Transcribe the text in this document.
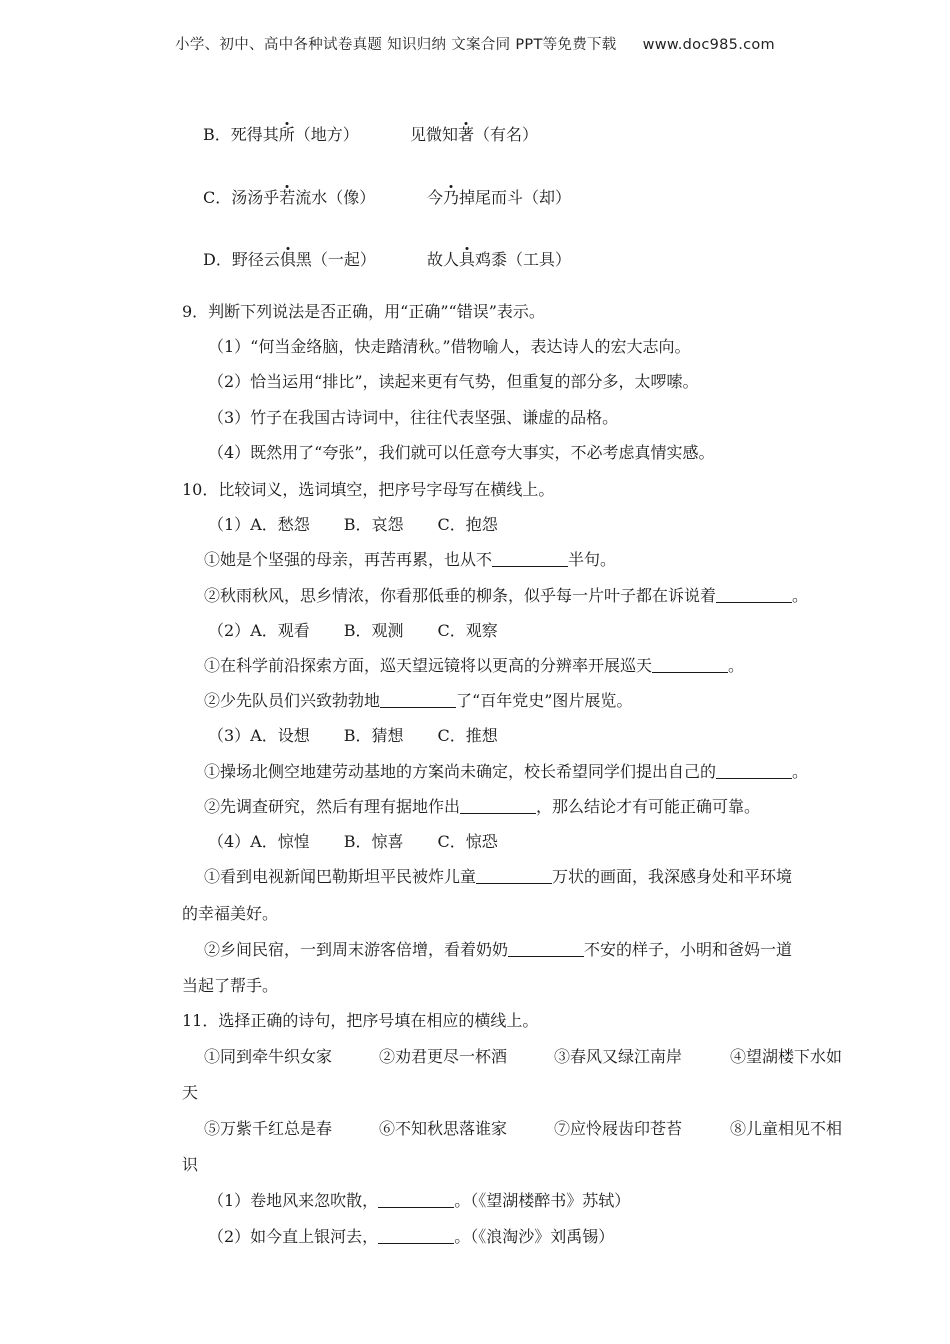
小学、初中、高中各种试卷真题 知识归纳 文案合同 PPT等免费下载 www.doc985.com
B．死得其所（地方）	见微知著（有名）
C．汤汤乎若流水（像）	今乃掉尾而斗（却）
D．野径云俱黑（一起）	故人具鸡黍（工具）
9．判断下列说法是否正确，用“正确”“错误”表示。
（1）“何当金络脑，快走踏清秋。”借物喻人，表达诗人的宏大志向。
（2）恰当运用“排比”，读起来更有气势，但重复的部分多，太啰嗦。
（3）竹子在我国古诗词中，往往代表坚强、谦虚的品格。
（4）既然用了“夸张”，我们就可以任意夸大事实，不必考虑真情实感。
10．比较词义，选词填空，把序号字母写在横线上。
（1）A．愁怨 B．哀怨 C．抱怨
①她是个坚强的母亲，再苦再累，也从不	半句。
②秋雨秋风，思乡情浓，你看那低垂的柳条，似乎每一片叶子都在诉说着	。
（2）A．观看 B．观测 C．观察
①在科学前沿探索方面，巡天望远镜将以更高的分辨率开展巡天	。
②少先队员们兴致勃勃地	了“百年党史”图片展览。
（3）A．设想 B．猜想 C．推想
①操场北侧空地建劳动基地的方案尚未确定，校长希望同学们提出自己的	。
②先调查研究，然后有理有据地作出	，那么结论才有可能正确可靠。
（4）A．惊惶 B．惊喜 C．惊恐
①看到电视新闻巴勒斯坦平民被炸儿童	万状的画面，我深感身处和平环境
的幸福美好。
②乡间民宿，一到周末游客倍增，看着奶奶	不安的样子，小明和爸妈一道
当起了帮手。
11．选择正确的诗句，把序号填在相应的横线上。
①同到牵牛织女家	②劝君更尽一杯酒	③春风又绿江南岸	④望湖楼下水如
天
⑤万紫千红总是春	⑥不知秋思落谁家	⑦应怜屐齿印苍苔	⑧儿童相见不相
识
（1）卷地风来忽吹散，	。（《望湖楼醉书》苏轼）
（2）如今直上银河去，	。（《浪淘沙》刘禹锡）
